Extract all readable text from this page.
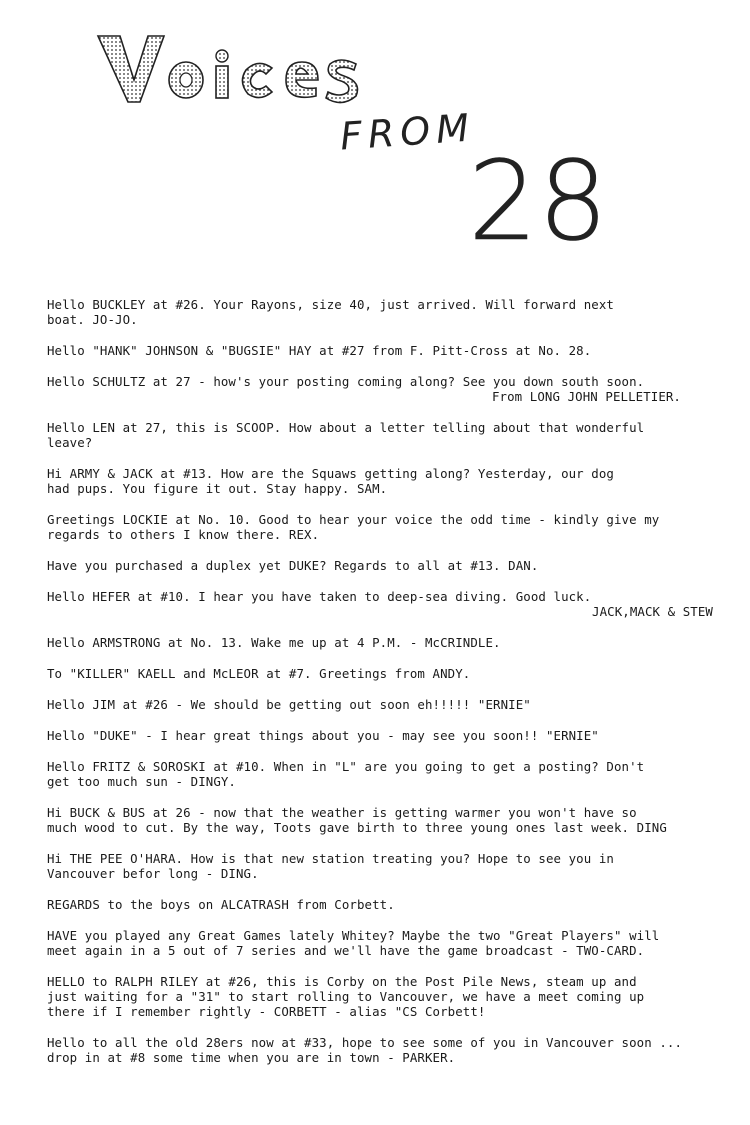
FROM
28

Hello BUCKLEY at #26. Your Rayons, size 40, just arrived. Will forward next
boat. JO-JO.

Hello "HANK" JOHNSON & "BUGSIE" HAY at #27 from F. Pitt-Cross at No. 28.

Hello SCHULTZ at 27 - how's your posting coming along? See you down south soon.
From LONG JOHN PELLETIER.

Hello LEN at 27, this is SCOOP. How about a letter telling about that wonderful
leave?

Hi ARMY & JACK at #13. How are the Squaws getting along? Yesterday, our dog
had pups. You figure it out. Stay happy. SAM.

Greetings LOCKIE at No. 10. Good to hear your voice the odd time - kindly give my
regards to others I know there. REX.

Have you purchased a duplex yet DUKE? Regards to all at #13. DAN.

Hello HEFER at #10. I hear you have taken to deep-sea diving. Good luck.
JACK,MACK & STEW

Hello ARMSTRONG at No. 13. Wake me up at 4 P.M. - McCRINDLE.

To "KILLER" KAELL and McLEOR at #7. Greetings from ANDY.

Hello JIM at #26 - We should be getting out soon eh!!!!! "ERNIE"

Hello "DUKE" - I hear great things about you - may see you soon!! "ERNIE"

Hello FRITZ & SOROSKI at #10. When in "L" are you going to get a posting? Don't
get too much sun - DINGY.

Hi BUCK & BUS at 26 - now that the weather is getting warmer you won't have so
much wood to cut. By the way, Toots gave birth to three young ones last week. DING

Hi THE PEE O'HARA. How is that new station treating you? Hope to see you in
Vancouver befor long - DING.

REGARDS to the boys on ALCATRASH from Corbett.

HAVE you played any Great Games lately Whitey? Maybe the two "Great Players" will
meet again in a 5 out of 7 series and we'll have the game broadcast - TWO-CARD.

HELLO to RALPH RILEY at #26, this is Corby on the Post Pile News, steam up and
just waiting for a "31" to start rolling to Vancouver, we have a meet coming up
there if I remember rightly - CORBETT - alias "CS Corbett!

Hello to all the old 28ers now at #33, hope to see some of you in Vancouver soon ...
drop in at #8 some time when you are in town - PARKER.
